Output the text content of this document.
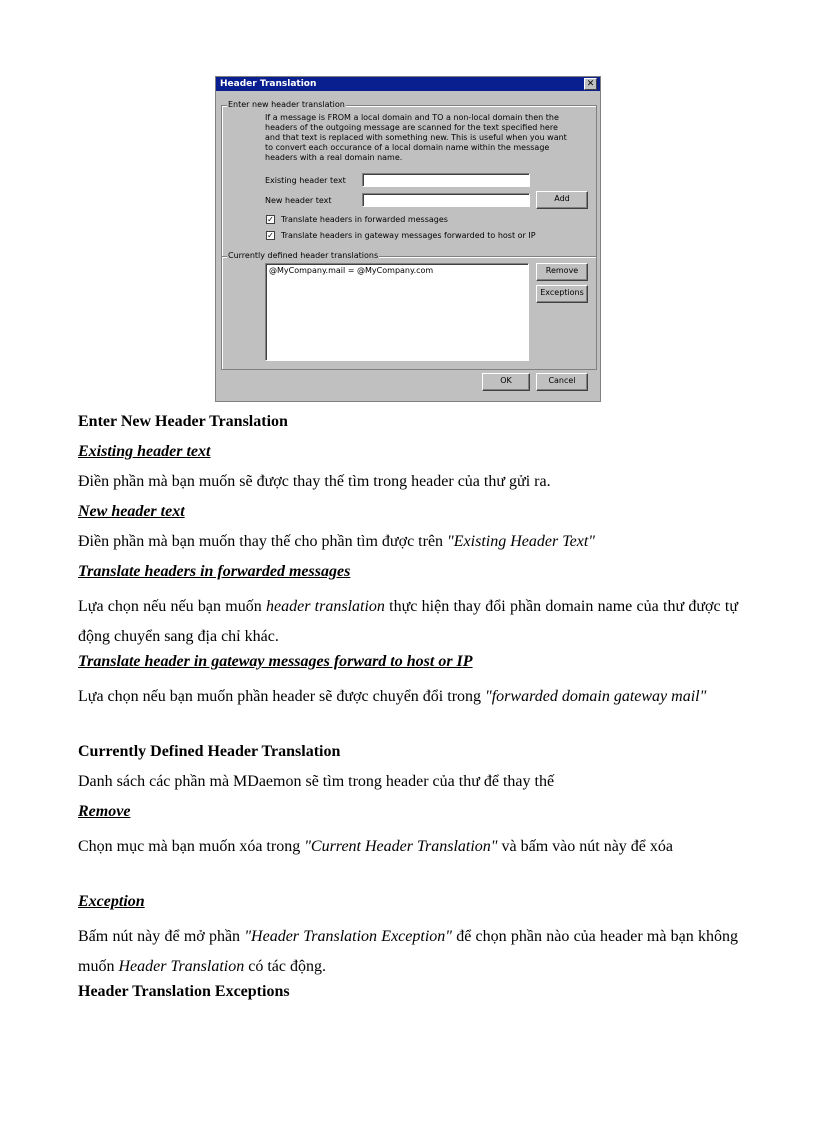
Header Translation	✕
Enter new header translation
If a message is FROM a local domain and TO a non-local domain then the headers of the outgoing message are scanned for the text specified here and that text is replaced with something new. This is useful when you want to convert each occurance of a local domain name within the message headers with a real domain name.
Existing header text
New header text	Add
✓ Translate headers in forwarded messages
✓ Translate headers in gateway messages forwarded to host or IP
Currently defined header translations
@MyCompany.mail = @MyCompany.com	Remove
Exceptions
OK	Cancel
Enter New Header Translation
Existing header text
Điền phần mà bạn muốn sẽ được thay thế tìm trong header của thư gửi ra.
New header text
Điền phần mà bạn muốn thay thế cho phần tìm được trên "Existing Header Text"
Translate headers in forwarded messages
Lựa chọn nếu nếu bạn muốn header translation thực hiện thay đổi phần domain name của thư được tự động chuyển sang địa chỉ khác.
Translate header in gateway messages forward to host or IP
Lựa chọn nếu bạn muốn phần header sẽ được chuyển đổi trong "forwarded domain gateway mail"
Currently Defined Header Translation
Danh sách các phần mà MDaemon sẽ tìm trong header của thư để thay thế
Remove
Chọn mục mà bạn muốn xóa trong "Current Header Translation" và bấm vào nút này để xóa
Exception
Bấm nút này để mở phần "Header Translation Exception" để chọn phần nào của header mà bạn không muốn Header Translation có tác động.
Header Translation Exceptions
